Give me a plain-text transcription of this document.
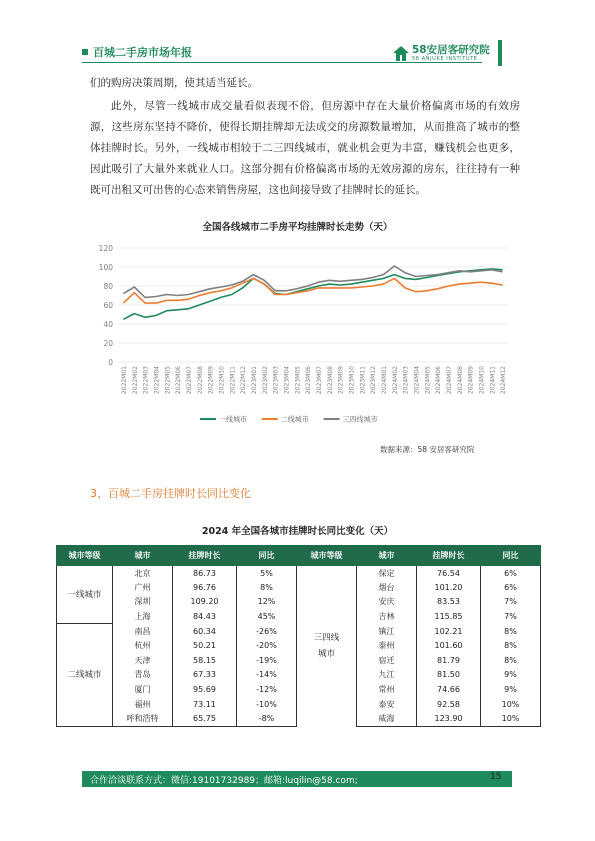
百城二手房市场年报	58安居客研究院
58 ANJUKE INSTITUTE
们的购房决策周期，使其适当延长。
此外，尽管一线城市成交量看似表现不俗，但房源中存在大量价格偏离市场的有效房源，这些房东坚持不降价，使得长期挂牌却无法成交的房源数量增加，从而推高了城市的整体挂牌时长。另外，一线城市相较于二三四线城市，就业机会更为丰富，赚钱机会也更多，因此吸引了大量外来就业人口。这部分拥有价格偏离市场的无效房源的房东，往往持有一种既可出租又可出售的心态来销售房屋，这也间接导致了挂牌时长的延长。
全国各线城市二手房平均挂牌时长走势（天）
0
20
40
60
80
100
120
2022M01 2022M02 2022M03 2022M04 2022M05 2022M06 2022M07 2022M08 2022M09 2022M10 2022M11 2022M12 2023M01 2023M02 2023M03 2023M04 2023M05 2023M06 2023M07 2023M08 2023M09 2023M10 2023M11 2023M12 2024M01 2024M02 2024M03 2024M04 2024M05 2024M06 2024M07 2024M08 2024M09 2024M10 2024M11 2024M12
一线城市	二线城市	三四线城市
数据来源：58 安居客研究院
3、百城二手房挂牌时长同比变化
2024 年全国各城市挂牌时长同比变化（天）
城市等级	城市	挂牌时长	同比	城市等级	城市	挂牌时长	同比
一线城市	北京	86.73	5%	三四线城市	保定	76.54	6%
	广州	96.76	8%		烟台	101.20	6%
	深圳	109.20	12%		安庆	83.53	7%
	上海	84.43	45%		吉林	115.85	7%
二线城市	南昌	60.34	-26%		镇江	102.21	8%
	杭州	50.21	-20%		泰州	101.60	8%
	天津	58.15	-19%		宿迁	81.79	8%
	青岛	67.33	-14%		九江	81.50	9%
	厦门	95.69	-12%		常州	74.66	9%
	福州	73.11	-10%		泰安	92.58	10%
	呼和浩特	65.75	-8%		威海	123.90	10%
合作洽谈联系方式：微信:19101732989；邮箱:luqilin@58.com;	15
